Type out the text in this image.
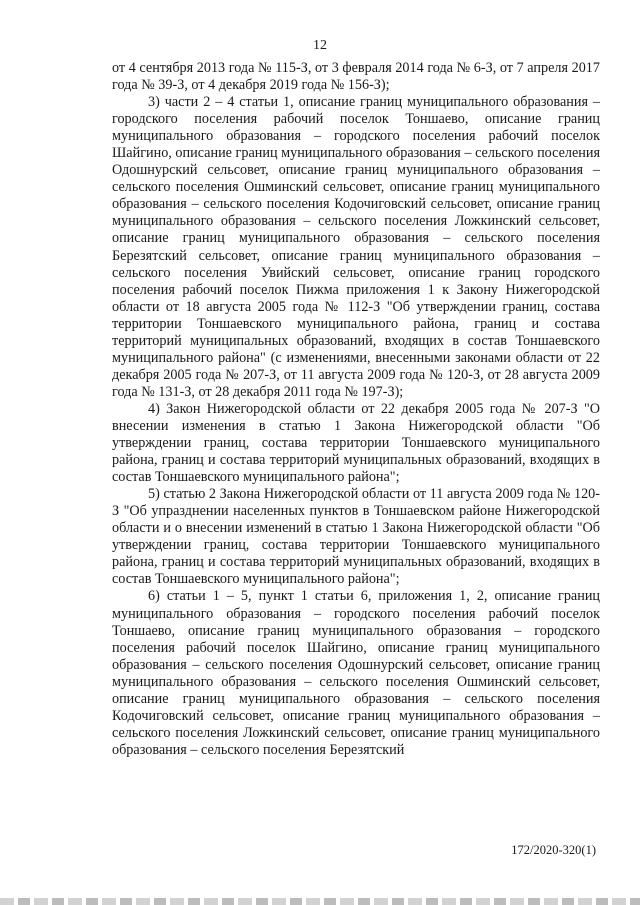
12

от 4 сентября 2013 года № 115-З, от 3 февраля 2014 года № 6-З, от 7 апреля 2017 года № 39-З, от 4 декабря 2019 года № 156-З);

3) части 2 – 4 статьи 1, описание границ муниципального образования – городского поселения рабочий поселок Тоншаево, описание границ муниципального образования – городского поселения рабочий поселок Шайгино, описание границ муниципального образования – сельского поселения Одошнурский сельсовет, описание границ муниципального образования – сельского поселения Ошминский сельсовет, описание границ муниципального образования – сельского поселения Кодочиговский сельсовет, описание границ муниципального образования – сельского поселения Ложкинский сельсовет, описание границ муниципального образования – сельского поселения Березятский сельсовет, описание границ муниципального образования – сельского поселения Увийский сельсовет, описание границ городского поселения рабочий поселок Пижма приложения 1 к Закону Нижегородской области от 18 августа 2005 года № 112-З "Об утверждении границ, состава территории Тоншаевского муниципального района, границ и состава территорий муниципальных образований, входящих в состав Тоншаевского муниципального района" (с изменениями, внесенными законами области от 22 декабря 2005 года № 207-З, от 11 августа 2009 года № 120-З, от 28 августа 2009 года № 131-З, от 28 декабря 2011 года № 197-З);

4) Закон Нижегородской области от 22 декабря 2005 года № 207-З "О внесении изменения в статью 1 Закона Нижегородской области "Об утверждении границ, состава территории Тоншаевского муниципального района, границ и состава территорий муниципальных образований, входящих в состав Тоншаевского муниципального района";

5) статью 2 Закона Нижегородской области от 11 августа 2009 года № 120-З "Об упразднении населенных пунктов в Тоншаевском районе Нижегородской области и о внесении изменений в статью 1 Закона Нижегородской области "Об утверждении границ, состава территории Тоншаевского муниципального района, границ и состава территорий муниципальных образований, входящих в состав Тоншаевского муниципального района";

6) статьи 1 – 5, пункт 1 статьи 6, приложения 1, 2, описание границ муниципального образования – городского поселения рабочий поселок Тоншаево, описание границ муниципального образования – городского поселения рабочий поселок Шайгино, описание границ муниципального образования – сельского поселения Одошнурский сельсовет, описание границ муниципального образования – сельского поселения Ошминский сельсовет, описание границ муниципального образования – сельского поселения Кодочиговский сельсовет, описание границ муниципального образования – сельского поселения Ложкинский сельсовет, описание границ муниципального образования – сельского поселения Березятский

172/2020-320(1)
